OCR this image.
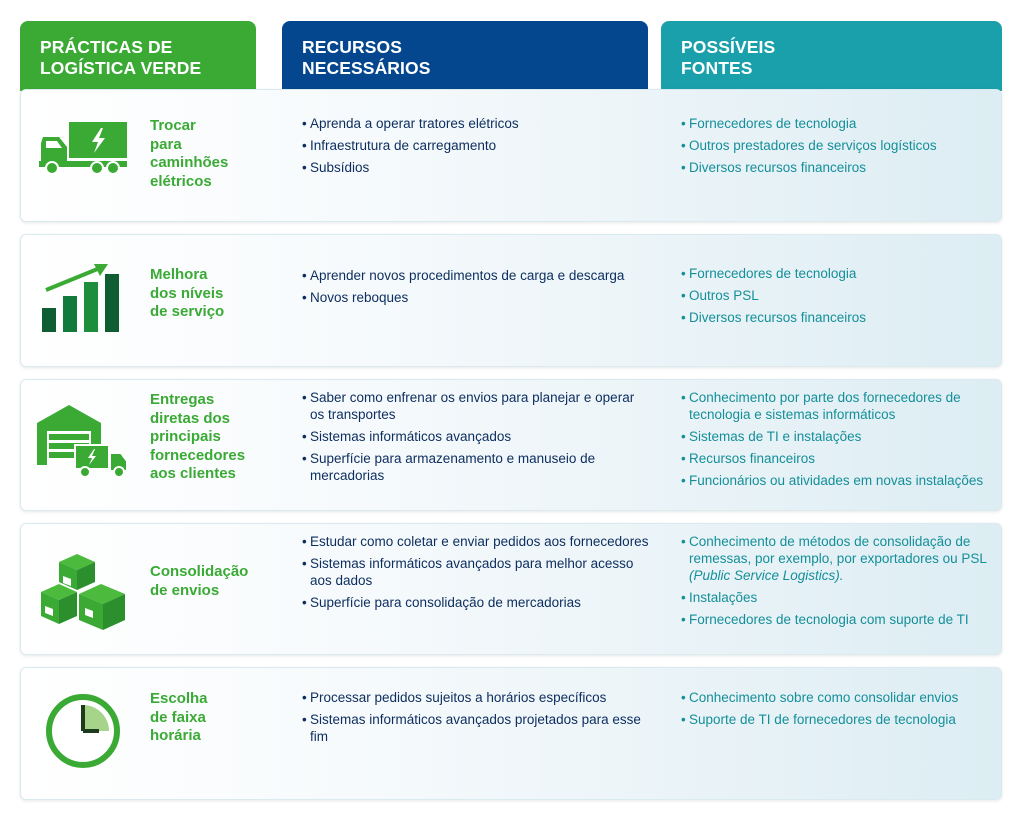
PRÁCTICAS DE
LOGÍSTICA VERDE
RECURSOS
NECESSÁRIOS
POSSÍVEIS
FONTES
Trocar
para
caminhões
elétricos
• Aprenda a operar tratores elétricos
• Infraestrutura de carregamento
• Subsídios
• Fornecedores de tecnologia
• Outros prestadores de serviços logísticos
• Diversos recursos financeiros
Melhora
dos níveis
de serviço
• Aprender novos procedimentos de carga e descarga
• Novos reboques
• Fornecedores de tecnologia
• Outros PSL
• Diversos recursos financeiros
Entregas
diretas dos
principais
fornecedores
aos clientes
• Saber como enfrenar os envios para planejar e operar os transportes
• Sistemas informáticos avançados
• Superfície para armazenamento e manuseio de mercadorias
• Conhecimento por parte dos fornecedores de tecnologia e sistemas informáticos
• Sistemas de TI e instalações
• Recursos financeiros
• Funcionários ou atividades em novas instalações
Consolidação
de envios
• Estudar como coletar e enviar pedidos aos fornecedores
• Sistemas informáticos avançados para melhor acesso aos dados
• Superfície para consolidação de mercadorias
• Conhecimento de métodos de consolidação de remessas, por exemplo, por exportadores ou PSL (Public Service Logistics).
• Instalações
• Fornecedores de tecnologia com suporte de TI
Escolha
de faixa
horária
• Processar pedidos sujeitos a horários específicos
• Sistemas informáticos avançados projetados para esse fim
• Conhecimento sobre como consolidar envios
• Suporte de TI de fornecedores de tecnologia
